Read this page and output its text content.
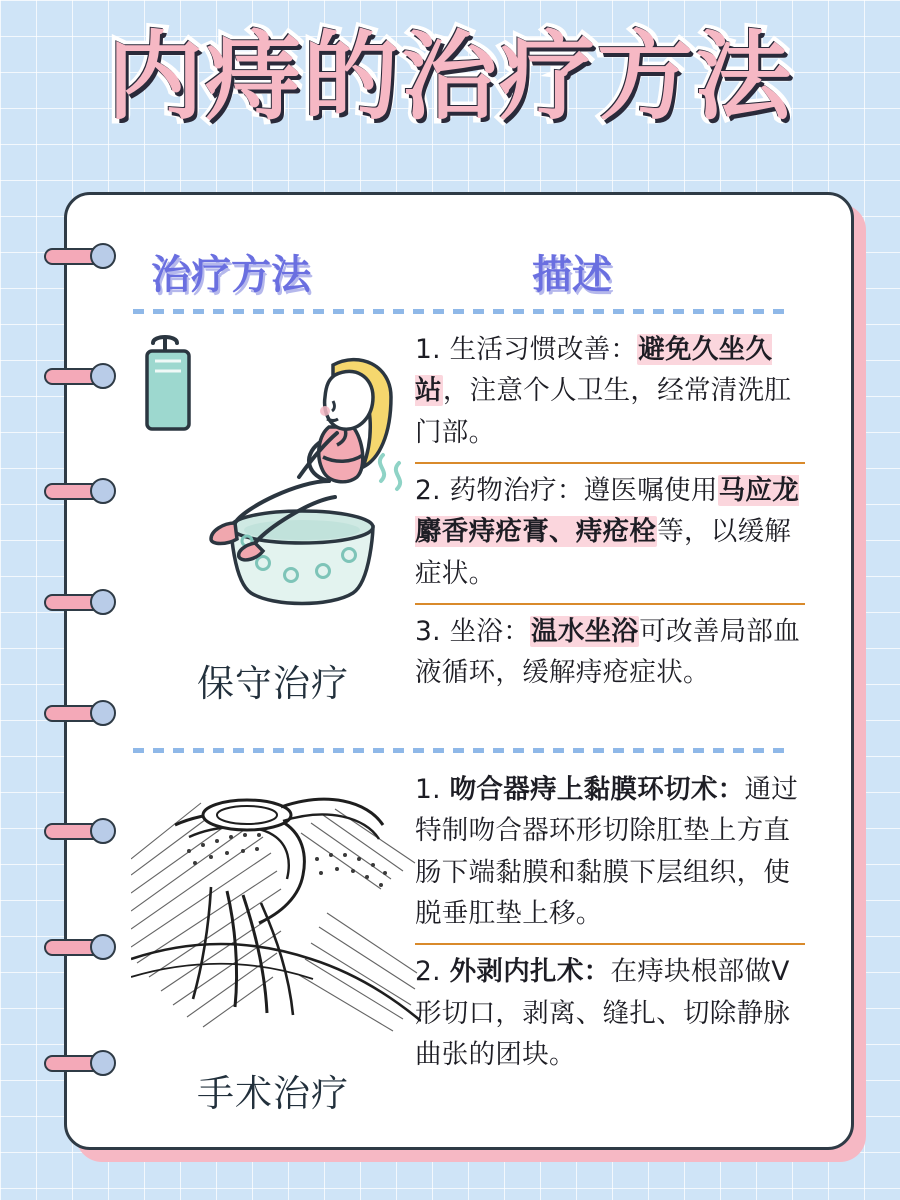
内痔的治疗方法
治疗方法	描述
保守治疗
1. 生活习惯改善：避免久坐久站，注意个人卫生，经常清洗肛门部。
2. 药物治疗：遵医嘱使用马应龙麝香痔疮膏、痔疮栓等，以缓解症状。
3. 坐浴：温水坐浴可改善局部血液循环，缓解痔疮症状。
手术治疗
1. 吻合器痔上黏膜环切术：通过特制吻合器环形切除肛垫上方直肠下端黏膜和黏膜下层组织，使脱垂肛垫上移。
2. 外剥内扎术：在痔块根部做V形切口，剥离、缝扎、切除静脉曲张的团块。
